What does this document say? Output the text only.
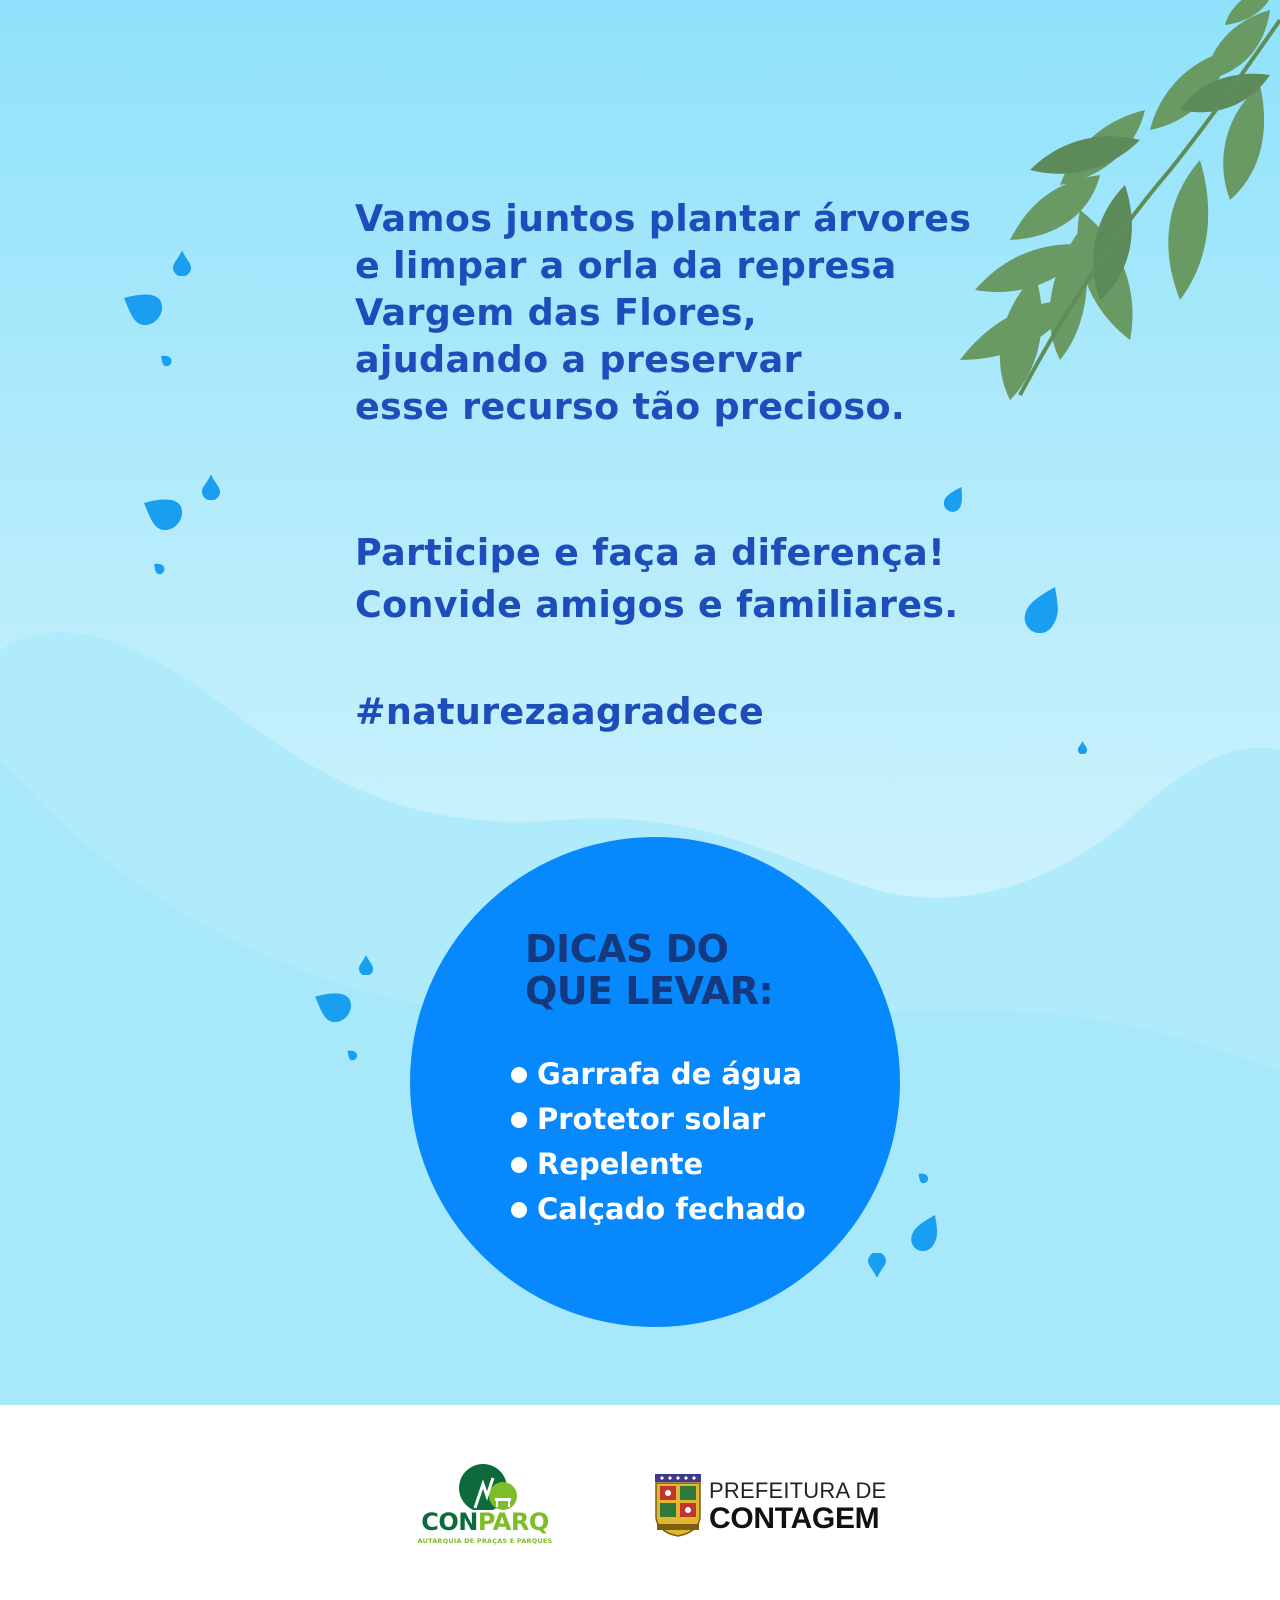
Vamos juntos plantar árvores
e limpar a orla da represa
Vargem das Flores,
ajudando a preservar
esse recurso tão precioso.

Participe e faça a diferença!
Convide amigos e familiares.

#naturezaagradece

DICAS DO
QUE LEVAR:
Garrafa de água
Protetor solar
Repelente
Calçado fechado

CONPARQ

AUTARQUIA DE PRAÇAS E PARQUES

PREFEITURA DE

CONTAGEM
